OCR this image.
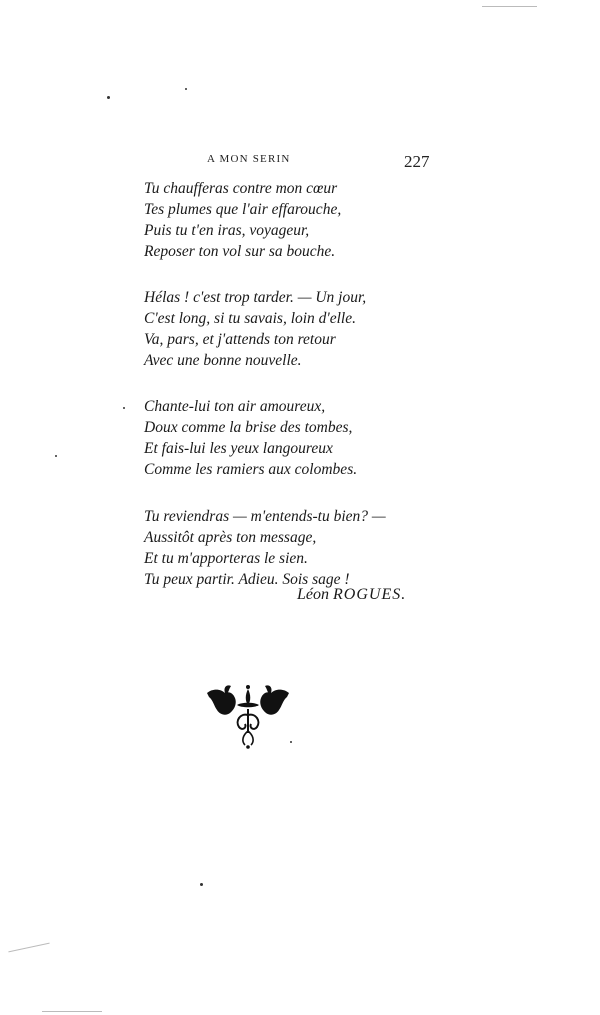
A MON SERIN	227
Tu chaufferas contre mon cœur
Tes plumes que l'air effarouche,
Puis tu t'en iras, voyageur,
Reposer ton vol sur sa bouche.
Hélas ! c'est trop tarder. — Un jour,
C'est long, si tu savais, loin d'elle.
Va, pars, et j'attends ton retour
Avec une bonne nouvelle.
Chante-lui ton air amoureux,
Doux comme la brise des tombes,
Et fais-lui les yeux langoureux
Comme les ramiers aux colombes.
Tu reviendras — m'entends-tu bien? —
Aussitôt après ton message,
Et tu m'apporteras le sien.
Tu peux partir. Adieu. Sois sage !
Léon ROGUES.
